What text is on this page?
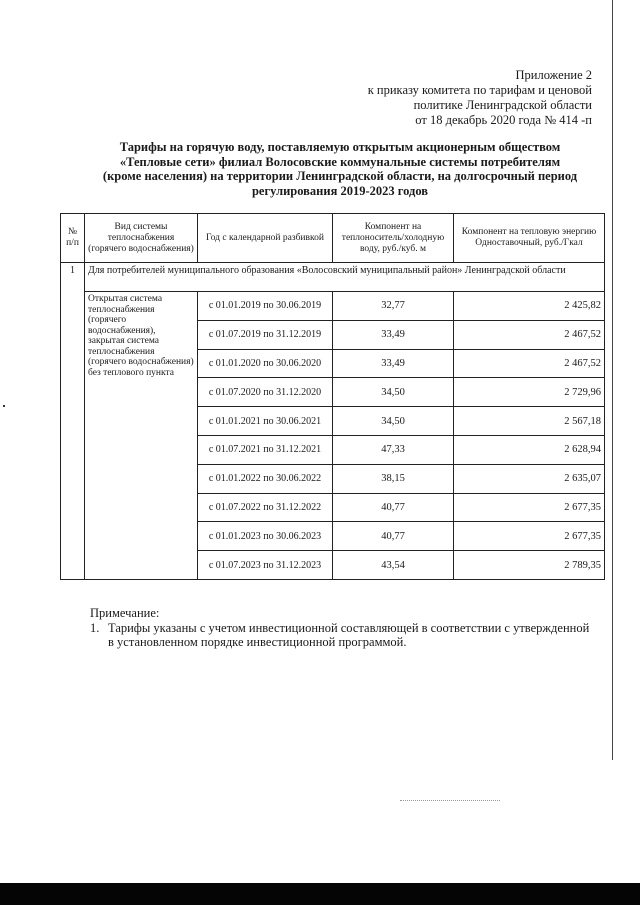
Приложение 2
к приказу комитета по тарифам и ценовой
политике Ленинградской области
от 18 декабрь 2020 года № 414 -п
Тарифы на горячую воду, поставляемую открытым акционерным обществом
«Тепловые сети» филиал Волосовские коммунальные системы потребителям
(кроме населения) на территории Ленинградской области, на долгосрочный период
регулирования 2019-2023 годов
№ п/п	Вид системы теплоснабжения (горячего водоснабжения)	Год с календарной разбивкой	Компонент на теплоноситель/холодную воду, руб./куб. м	Компонент на тепловую энергию Одноставочный, руб./Гкал
1	Для потребителей муниципального образования «Волосовский муниципальный район» Ленинградской области			
	Открытая система теплоснабжения (горячего водоснабжения), закрытая система теплоснабжения (горячего водоснабжения) без теплового пункта	с 01.01.2019 по 30.06.2019	32,77	2 425,82
		с 01.07.2019 по 31.12.2019	33,49	2 467,52
		с 01.01.2020 по 30.06.2020	33,49	2 467,52
		с 01.07.2020 по 31.12.2020	34,50	2 729,96
		с 01.01.2021 по 30.06.2021	34,50	2 567,18
		с 01.07.2021 по 31.12.2021	47,33	2 628,94
		с 01.01.2022 по 30.06.2022	38,15	2 635,07
		с 01.07.2022 по 31.12.2022	40,77	2 677,35
		с 01.01.2023 по 30.06.2023	40,77	2 677,35
		с 01.07.2023 по 31.12.2023	43,54	2 789,35

Примечание:
1. Тарифы указаны с учетом инвестиционной составляющей в соответствии с утвержденной
в установленном порядке инвестиционной программой.
